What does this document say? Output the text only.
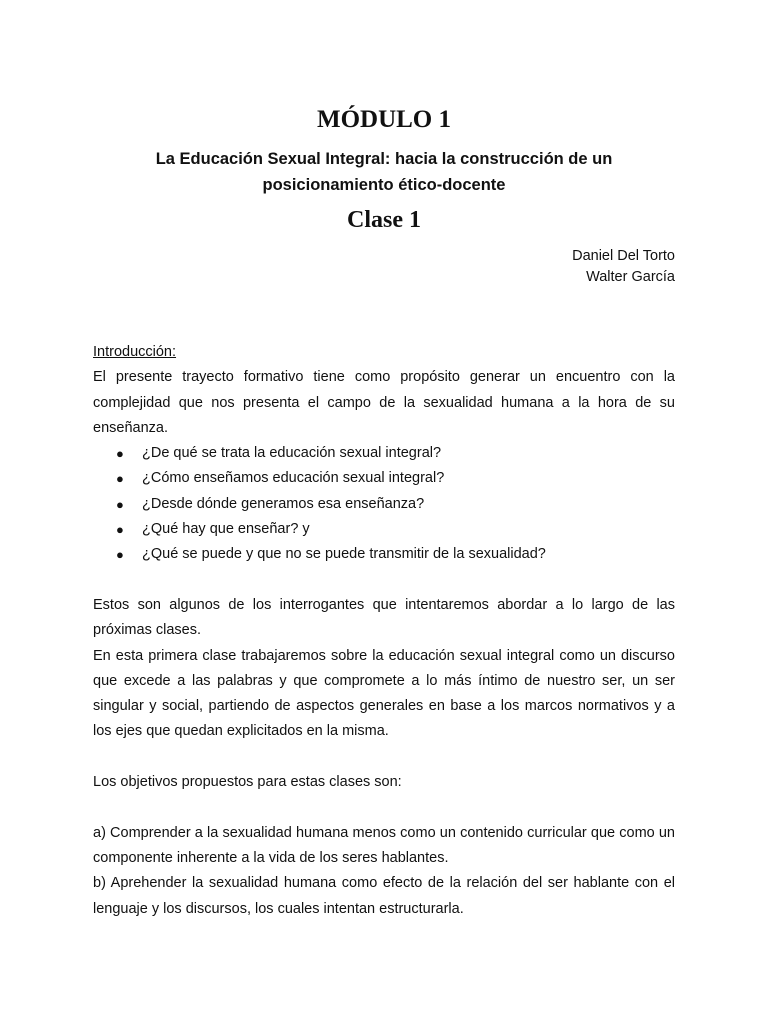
MÓDULO 1
La Educación Sexual Integral: hacia la construcción de un posicionamiento ético-docente
Clase 1
Daniel Del Torto
Walter García

Introducción:

El presente trayecto formativo tiene como propósito generar un encuentro con la complejidad que nos presenta el campo de la sexualidad humana a la hora de su enseñanza.

● ¿De qué se trata la educación sexual integral?
● ¿Cómo enseñamos educación sexual integral?
● ¿Desde dónde generamos esa enseñanza?
● ¿Qué hay que enseñar? y
● ¿Qué se puede y que no se puede transmitir de la sexualidad?

Estos son algunos de los interrogantes que intentaremos abordar a lo largo de las próximas clases.

En esta primera clase trabajaremos sobre la educación sexual integral como un discurso que excede a las palabras y que compromete a lo más íntimo de nuestro ser, un ser singular y social, partiendo de aspectos generales en base a los marcos normativos y a los ejes que quedan explicitados en la misma.

Los objetivos propuestos para estas clases son:

a) Comprender a la sexualidad humana menos como un contenido curricular que como un componente inherente a la vida de los seres hablantes.

b) Aprehender la sexualidad humana como efecto de la relación del ser hablante con el lenguaje y los discursos, los cuales intentan estructurarla.
